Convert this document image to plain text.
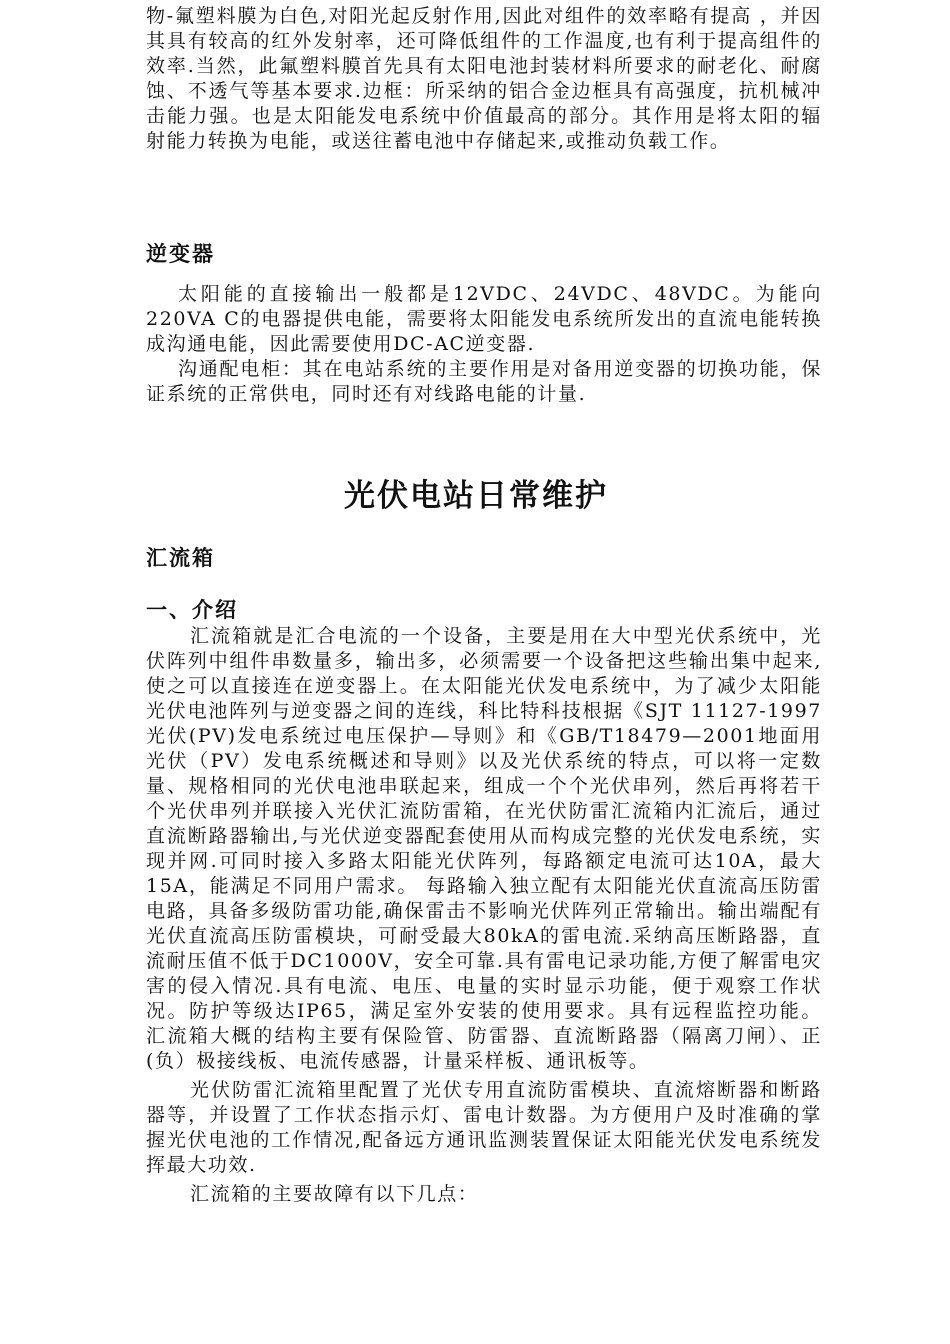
物-氟塑料膜为白色,对阳光起反射作用,因此对组件的效率略有提高 ，并因其具有较高的红外发射率，还可降低组件的工作温度,也有利于提高组件的效率.当然，此氟塑料膜首先具有太阳电池封装材料所要求的耐老化、耐腐蚀、不透气等基本要求.边框：所采纳的铝合金边框具有高强度，抗机械冲击能力强。也是太阳能发电系统中价值最高的部分。其作用是将太阳的辐射能力转换为电能，或送往蓄电池中存储起来,或推动负载工作。

逆变器

太阳能的直接输出一般都是12VDC、24VDC、48VDC。为能向220VA C的电器提供电能，需要将太阳能发电系统所发出的直流电能转换成沟通电能，因此需要使用DC-AC逆变器.

沟通配电柜：其在电站系统的主要作用是对备用逆变器的切换功能，保证系统的正常供电，同时还有对线路电能的计量.

光伏电站日常维护
汇流箱
一、介绍

汇流箱就是汇合电流的一个设备，主要是用在大中型光伏系统中，光伏阵列中组件串数量多，输出多，必须需要一个设备把这些输出集中起来,使之可以直接连在逆变器上。在太阳能光伏发电系统中，为了减少太阳能光伏电池阵列与逆变器之间的连线，科比特科技根据《SJT 11127-1997 光伏(PV)发电系统过电压保护—导则》和《GB/T18479—2001地面用光伏（PV）发电系统概述和导则》以及光伏系统的特点，可以将一定数量、规格相同的光伏电池串联起来，组成一个个光伏串列，然后再将若干个光伏串列并联接入光伏汇流防雷箱，在光伏防雷汇流箱内汇流后，通过直流断路器输出,与光伏逆变器配套使用从而构成完整的光伏发电系统，实现并网.可同时接入多路太阳能光伏阵列，每路额定电流可达10A，最大15A，能满足不同用户需求。 每路输入独立配有太阳能光伏直流高压防雷电路，具备多级防雷功能,确保雷击不影响光伏阵列正常输出。输出端配有光伏直流高压防雷模块，可耐受最大80kA的雷电流.采纳高压断路器，直流耐压值不低于DC1000V，安全可靠.具有雷电记录功能,方便了解雷电灾害的侵入情况.具有电流、电压、电量的实时显示功能，便于观察工作状况。防护等级达IP65，满足室外安装的使用要求。具有远程监控功能。 汇流箱大概的结构主要有保险管、防雷器、直流断路器（隔离刀闸）、正(负）极接线板、电流传感器，计量采样板、通讯板等。

光伏防雷汇流箱里配置了光伏专用直流防雷模块、直流熔断器和断路器等，并设置了工作状态指示灯、雷电计数器。为方便用户及时准确的掌握光伏电池的工作情况,配备远方通讯监测装置保证太阳能光伏发电系统发挥最大功效.

汇流箱的主要故障有以下几点：
